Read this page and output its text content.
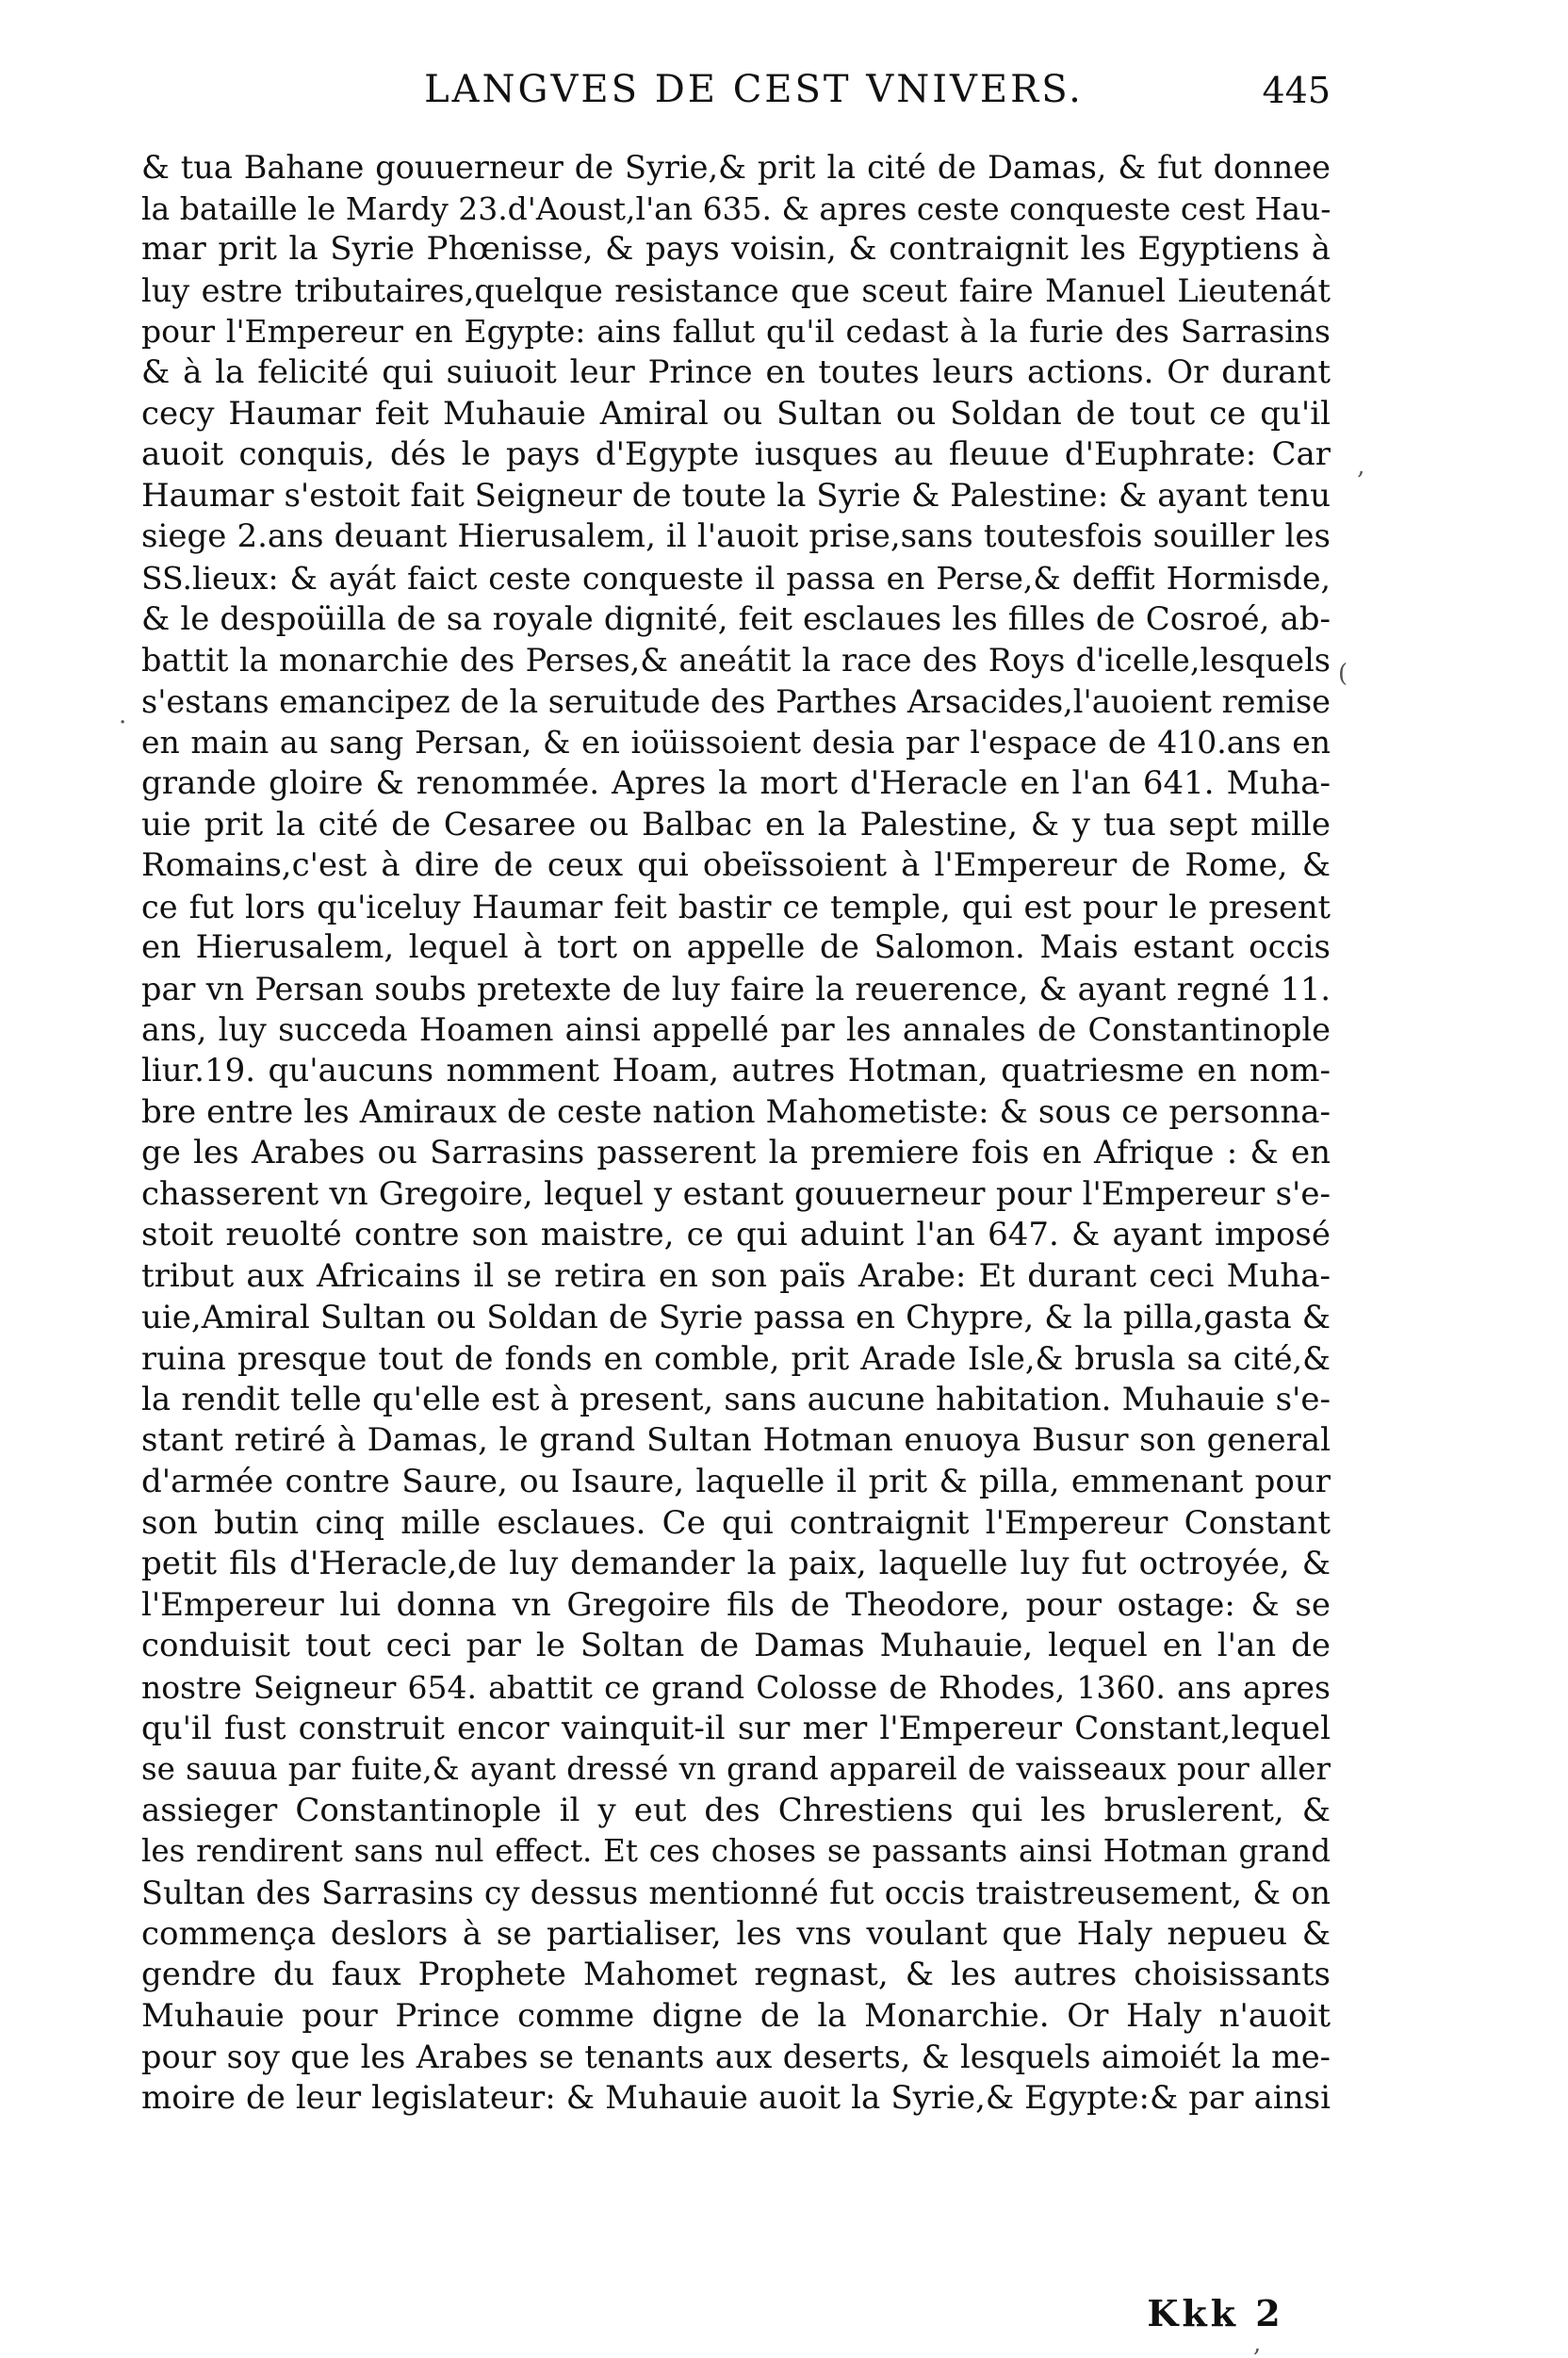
LANGVES DE CEST VNIVERS.	445
& tua Bahane gouuerneur de Syrie,& prit la cité de Damas, & fut donnee
la bataille le Mardy 23.d'Aoust,l'an 635. & apres ceste conqueste cest Hau-
mar prit la Syrie Phœnisse, & pays voisin, & contraignit les Egyptiens à
luy estre tributaires,quelque resistance que sceut faire Manuel Lieutenát
pour l'Empereur en Egypte: ains fallut qu'il cedast à la furie des Sarrasins
& à la felicité qui suiuoit leur Prince en toutes leurs actions. Or durant
cecy Haumar feit Muhauie Amiral ou Sultan ou Soldan de tout ce qu'il
auoit conquis, dés le pays d'Egypte iusques au fleuue d'Euphrate: Car
Haumar s'estoit fait Seigneur de toute la Syrie & Palestine: & ayant tenu
siege 2.ans deuant Hierusalem, il l'auoit prise,sans toutesfois souiller les
SS.lieux: & ayát faict ceste conqueste il passa en Perse,& deffit Hormisde,
& le despoüilla de sa royale dignité, feit esclaues les filles de Cosroé, ab-
battit la monarchie des Perses,& aneátit la race des Roys d'icelle,lesquels
s'estans emancipez de la seruitude des Parthes Arsacides,l'auoient remise
en main au sang Persan, & en ioüissoient desia par l'espace de 410.ans en
grande gloire & renommée. Apres la mort d'Heracle en l'an 641. Muha-
uie prit la cité de Cesaree ou Balbac en la Palestine, & y tua sept mille
Romains,c'est à dire de ceux qui obeïssoient à l'Empereur de Rome, &
ce fut lors qu'iceluy Haumar feit bastir ce temple, qui est pour le present
en Hierusalem, lequel à tort on appelle de Salomon. Mais estant occis
par vn Persan soubs pretexte de luy faire la reuerence, & ayant regné 11.
ans, luy succeda Hoamen ainsi appellé par les annales de Constantinople
liur.19. qu'aucuns nomment Hoam, autres Hotman, quatriesme en nom-
bre entre les Amiraux de ceste nation Mahometiste: & sous ce personna-
ge les Arabes ou Sarrasins passerent la premiere fois en Afrique : & en
chasserent vn Gregoire, lequel y estant gouuerneur pour l'Empereur s'e-
stoit reuolté contre son maistre, ce qui aduint l'an 647. & ayant imposé
tribut aux Africains il se retira en son païs Arabe: Et durant ceci Muha-
uie,Amiral Sultan ou Soldan de Syrie passa en Chypre, & la pilla,gasta &
ruina presque tout de fonds en comble, prit Arade Isle,& brusla sa cité,&
la rendit telle qu'elle est à present, sans aucune habitation. Muhauie s'e-
stant retiré à Damas, le grand Sultan Hotman enuoya Busur son general
d'armée contre Saure, ou Isaure, laquelle il prit & pilla, emmenant pour
son butin cinq mille esclaues. Ce qui contraignit l'Empereur Constant
petit fils d'Heracle,de luy demander la paix, laquelle luy fut octroyée, &
l'Empereur lui donna vn Gregoire fils de Theodore, pour ostage: & se
conduisit tout ceci par le Soltan de Damas Muhauie, lequel en l'an de
nostre Seigneur 654. abattit ce grand Colosse de Rhodes, 1360. ans apres
qu'il fust construit encor vainquit-il sur mer l'Empereur Constant,lequel
se sauua par fuite,& ayant dressé vn grand appareil de vaisseaux pour aller
assieger Constantinople il y eut des Chrestiens qui les bruslerent, &
les rendirent sans nul effect. Et ces choses se passants ainsi Hotman grand
Sultan des Sarrasins cy dessus mentionné fut occis traistreusement, & on
commença deslors à se partialiser, les vns voulant que Haly nepueu &
gendre du faux Prophete Mahomet regnast, & les autres choisissants
Muhauie pour Prince comme digne de la Monarchie. Or Haly n'auoit
pour soy que les Arabes se tenants aux deserts, & lesquels aimoiét la me-
moire de leur legislateur: & Muhauie auoit la Syrie,& Egypte:& par ainsi
Kkk 2
‚
(
·
,
